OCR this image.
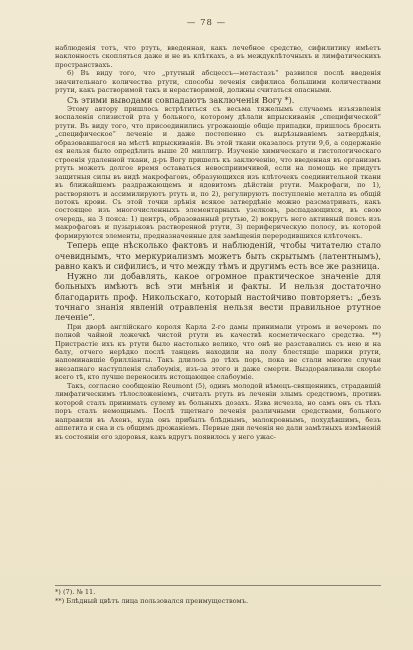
— 78 —

наблюденія тотъ, что ртуть, введенная, какъ лечебное средство, сифилитику имѣетъ наклонность скопляться даже и не въ клѣткахъ, а въ междуклѣточныхъ и лимфатическихъ пространствахъ.

6) Въ виду того, что „ртутный абсцессъ—метастазъ“ развился послѣ введенія значительнаго количества ртути, способы леченія сифилиса большими количествами ртути, какъ растворимой такъ и нерастворимой, должны считаться опасными.

Съ этими выводами совпадаютъ заключенія Boгу *).

Этому автору пришлось встрѣтиться съ весьма тяжелымъ случаемъ изъязвленія воспаленія слизистой рта у больного, которому дѣлали впрыскиванія „специфической“ ртути. Въ виду того, что присоединились угрожающіе общіе припадки, пришлось бросить „специфическое“ леченіе и даже постепенно съ вырѣзываніемъ затвердѣнія, образовавшагося на мѣстѣ впрыскиванія. Въ этой ткани оказалось ртути 9,6, а содержаніе ея нельзя было опредѣлить выше 20 миллигр. Изученіе химическаго и гистологическаго строенія удаленной ткани, д-ръ Boгу пришелъ къ заключенію, что введенная въ организмъ ртуть можетъ долгое время оставаться невосприимчивой, если на помощь не придутъ защитныя силы въ видѣ макрофаговъ, образующихся изъ клѣточекъ соединительной ткани въ ближайшемъ раздражающемъ и ядовитомъ дѣйствіи ртути. Макрофаги, по 1), растворяютъ и ассимилируютъ ртуть и, по 2), регулируютъ поступленіе металла въ общій потокъ крови. Съ этой точки зрѣнія всякое затвердѣніе можно разсматривать, какъ состоящее изъ многочисленныхъ элементарныхъ узелковъ, распадающихся, въ свою очередь, на 3 пояса: 1) центръ, образованный ртутью, 2) вокругъ него активный поясъ изъ макрофаговъ и пузырьковъ растворенной ртути, 3) периферическую полосу, въ которой формируются элементы, предназначенные для замѣщенія переродившихся клѣточекъ.

Теперь еще нѣсколько фактовъ и наблюденій, чтобы читателю стало очевиднымъ, что меркуриализмъ можетъ быть скрытымъ (латентнымъ), равно какъ и сифилисъ, и что между тѣмъ и другимъ есть все же разница.

Нужно ли добавлять, какое огромное практическое значеніе для больныхъ имѣютъ всѣ эти мнѣнія и факты. И нельзя достаточно благодарить проф. Никольскаго, который настойчиво повторяетъ: „безъ точнаго знанія явленій отравленія нельзя вести правильное ртутное леченіе“.

При дворѣ англійскаго короля Карла 2-го дамы принимали утромъ и вечеромъ по полной чайной ложечкѣ чистой ртути въ качествѣ косметическаго средства. **) Пристрастіе ихъ къ ртути было настолько велико, что онѣ не разставались съ нею и на балу, отчего нерѣдко послѣ танцевъ находили на полу блестящіе шарики ртути, напоминавшіе брилліанты. Такъ длилось до тѣхъ поръ, пока не стали многиe случаи внезапнаго наступленія слабоумія, изъ-за этого и даже смерти. Выздоравливали скорѣе всего тѣ, кто лучше переносилъ истощающее слабоуміе.

Такъ, согласно сообщенію Reumont (5), одинъ молодой нѣмецъ-священникъ, страдавшій лимфатическимъ тѣлосложеніемъ, считалъ ртуть въ леченіи злымъ средствомъ, противъ которой сталъ принимать сулему въ больныхъ дозахъ. Язва исчезла, но самъ онъ съ тѣхъ поръ сталъ немощнымъ. Послѣ тщетнаго леченія различными средствами, больного направили въ Ахенъ, куда онъ прибылъ блѣднымъ, малокровнымъ, похудѣвшимъ, безъ аппетита и сна и съ общимъ дрожаніемъ. Первые дни леченія не дали замѣтныхъ измѣненій въ состояніи его здоровья, какъ вдругъ появилось у него ужас-

*) (7). № 11.

**) Блѣдный цвѣтъ лица пользовался преимуществомъ.
